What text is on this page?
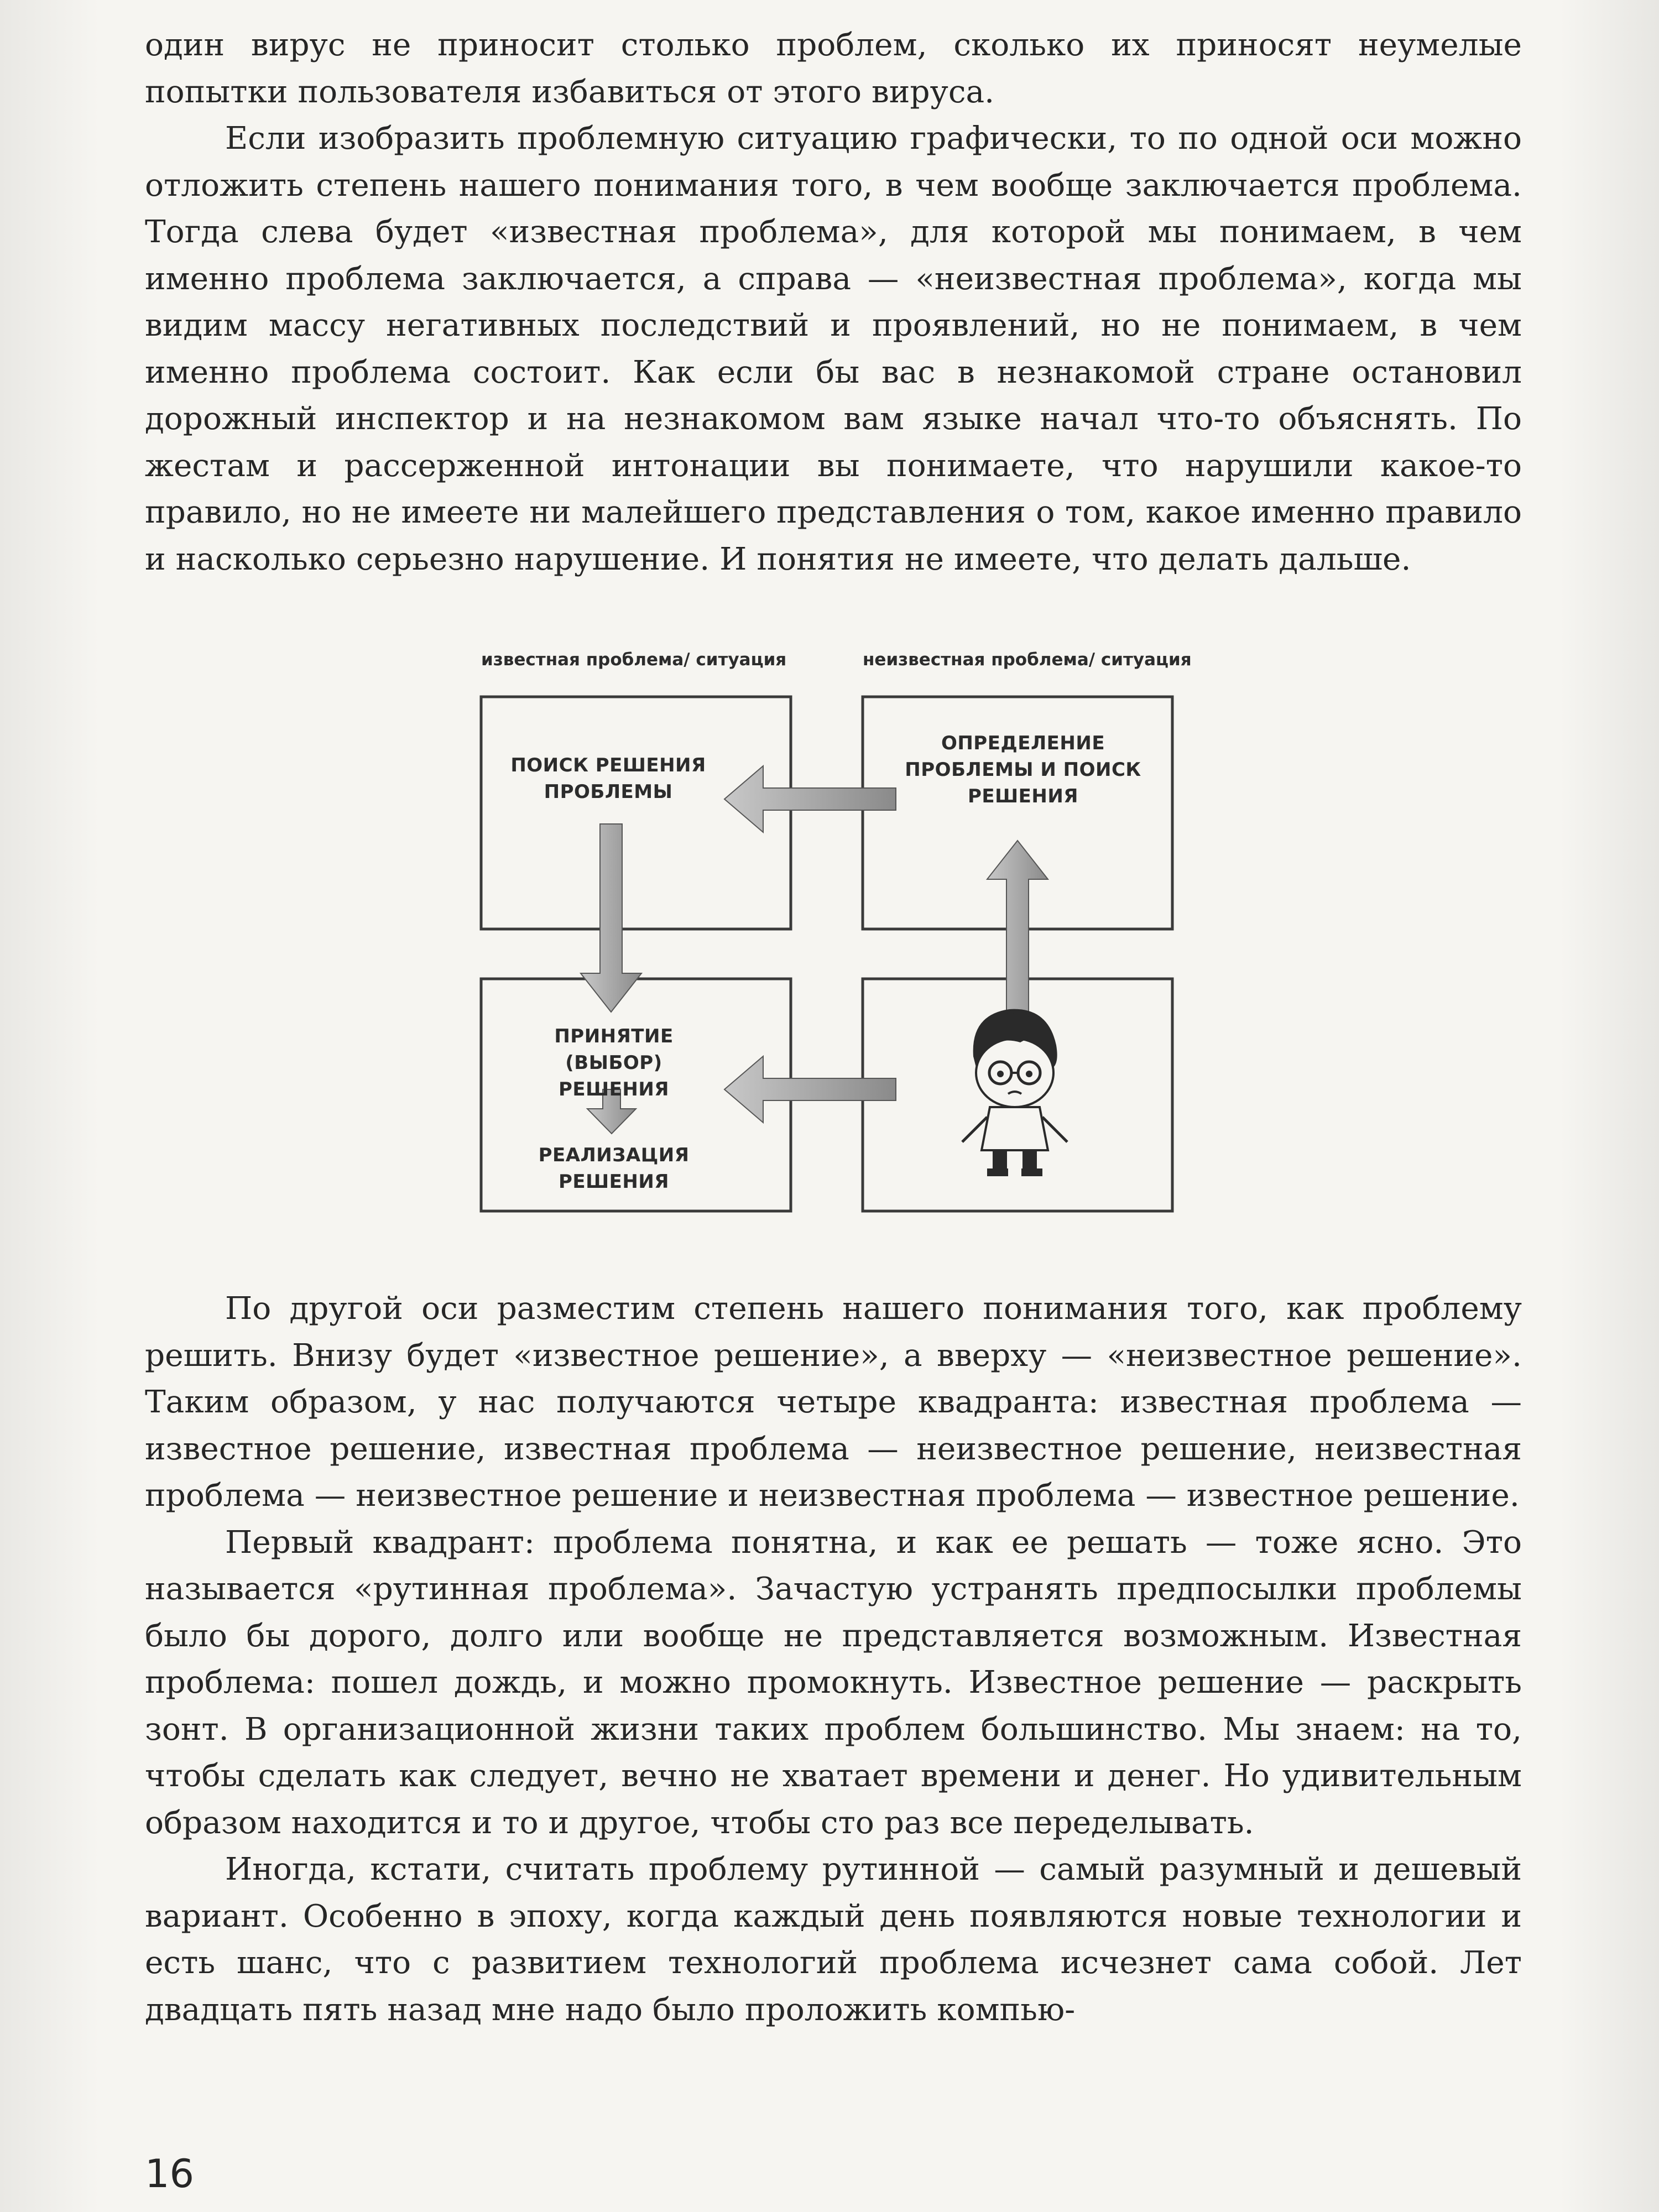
один вирус не приносит столько проблем, сколько их приносят неумелые попытки пользователя избавиться от этого вируса.

Если изобразить проблемную ситуацию графически, то по одной оси можно отложить степень нашего понимания того, в чем вообще заключается проблема. Тогда слева будет «известная проблема», для которой мы понимаем, в чем именно проблема заключается, а справа — «неизвестная проблема», когда мы видим массу негативных последствий и проявлений, но не понимаем, в чем именно проблема состоит. Как если бы вас в незнакомой стране остановил дорожный инспектор и на незнакомом вам языке начал что-то объяснять. По жестам и рассерженной интонации вы понимаете, что нарушили какое-то правило, но не имеете ни малейшего представления о том, какое именно правило и насколько серьезно нарушение. И понятия не имеете, что делать дальше.

известная проблема/ ситуация	неизвестная проблема/ ситуация
ПОИСК РЕШЕНИЯ ПРОБЛЕМЫ
ОПРЕДЕЛЕНИЕ ПРОБЛЕМЫ И ПОИСК РЕШЕНИЯ
ПРИНЯТИЕ (ВЫБОР) РЕШЕНИЯ
РЕАЛИЗАЦИЯ РЕШЕНИЯ

По другой оси разместим степень нашего понимания того, как проблему решить. Внизу будет «известное решение», а вверху — «неизвестное решение». Таким образом, у нас получаются четыре квадранта: известная проблема — известное решение, известная проблема — неизвестное решение, неизвестная проблема — неизвестное решение и неизвестная проблема — известное решение.

Первый квадрант: проблема понятна, и как ее решать — тоже ясно. Это называется «рутинная проблема». Зачастую устранять предпосылки проблемы было бы дорого, долго или вообще не представляется возможным. Известная проблема: пошел дождь, и можно промокнуть. Известное решение — раскрыть зонт. В организационной жизни таких проблем большинство. Мы знаем: на то, чтобы сделать как следует, вечно не хватает времени и денег. Но удивительным образом находится и то и другое, чтобы сто раз все переделывать.

Иногда, кстати, считать проблему рутинной — самый разумный и дешевый вариант. Особенно в эпоху, когда каждый день появляются новые технологии и есть шанс, что с развитием технологий проблема исчезнет сама собой. Лет двадцать пять назад мне надо было проложить компью-

16
